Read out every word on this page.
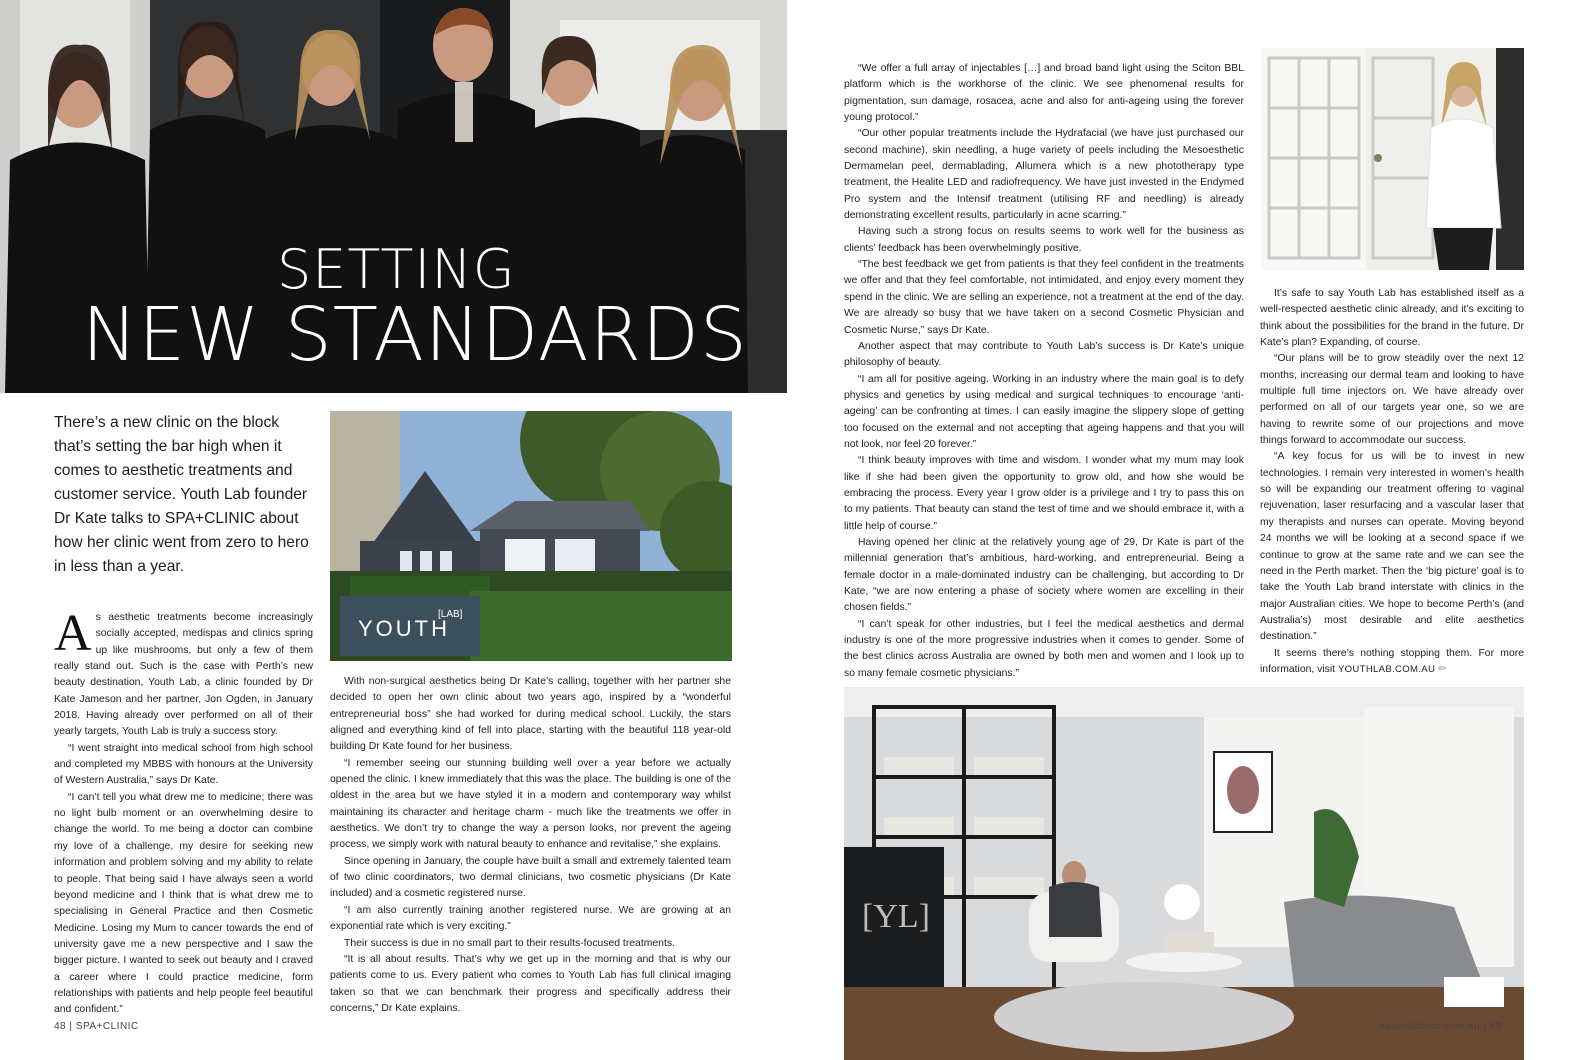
SETTING
NEW STANDARDS
There’s a new clinic on the block that’s setting the bar high when it comes to aesthetic treatments and customer service. Youth Lab founder Dr Kate talks to SPA+CLINIC about how her clinic went from zero to hero in less than a year.

As aesthetic treatments become increasingly socially accepted, medispas and clinics spring up like mushrooms, but only a few of them really stand out. Such is the case with Perth’s new beauty destination, Youth Lab, a clinic founded by Dr Kate Jameson and her partner, Jon Ogden, in January 2018. Having already over performed on all of their yearly targets, Youth Lab is truly a success story.

“I went straight into medical school from high school and completed my MBBS with honours at the University of Western Australia,” says Dr Kate.

“I can’t tell you what drew me to medicine; there was no light bulb moment or an overwhelming desire to change the world. To me being a doctor can combine my love of a challenge, my desire for seeking new information and problem solving and my ability to relate to people. That being said I have always seen a world beyond medicine and I think that is what drew me to specialising in General Practice and then Cosmetic Medicine. Losing my Mum to cancer towards the end of university gave me a new perspective and I saw the bigger picture. I wanted to seek out beauty and I craved a career where I could practice medicine, form relationships with patients and help people feel beautiful and confident.”

YOUTH
[LAB]

With non-surgical aesthetics being Dr Kate’s calling, together with her partner she decided to open her own clinic about two years ago, inspired by a “wonderful entrepreneurial boss” she had worked for during medical school. Luckily, the stars aligned and everything kind of fell into place, starting with the beautiful 118 year-old building Dr Kate found for her business.

“I remember seeing our stunning building well over a year before we actually opened the clinic. I knew immediately that this was the place. The building is one of the oldest in the area but we have styled it in a modern and contemporary way whilst maintaining its character and heritage charm - much like the treatments we offer in aesthetics. We don’t try to change the way a person looks, nor prevent the ageing process, we simply work with natural beauty to enhance and revitalise,” she explains.

Since opening in January, the couple have built a small and extremely talented team of two clinic coordinators, two dermal clinicians, two cosmetic physicians (Dr Kate included) and a cosmetic registered nurse.

“I am also currently training another registered nurse. We are growing at an exponential rate which is very exciting.”

Their success is due in no small part to their results-focused treatments.

“It is all about results. That’s why we get up in the morning and that is why our patients come to us. Every patient who comes to Youth Lab has full clinical imaging taken so that we can benchmark their progress and specifically address their concerns,” Dr Kate explains.

48 | SPA+CLINIC

“We offer a full array of injectables […] and broad band light using the Sciton BBL platform which is the workhorse of the clinic. We see phenomenal results for pigmentation, sun damage, rosacea, acne and also for anti-ageing using the forever young protocol.”

“Our other popular treatments include the Hydrafacial (we have just purchased our second machine), skin needling, a huge variety of peels including the Mesoesthetic Dermamelan peel, dermablading, Allumera which is a new phototherapy type treatment, the Healite LED and radiofrequency. We have just invested in the Endymed Pro system and the Intensif treatment (utilising RF and needling) is already demonstrating excellent results, particularly in acne scarring.”

Having such a strong focus on results seems to work well for the business as clients’ feedback has been overwhelmingly positive.

“The best feedback we get from patients is that they feel confident in the treatments we offer and that they feel comfortable, not intimidated, and enjoy every moment they spend in the clinic. We are selling an experience, not a treatment at the end of the day. We are already so busy that we have taken on a second Cosmetic Physician and Cosmetic Nurse,” says Dr Kate.

Another aspect that may contribute to Youth Lab’s success is Dr Kate’s unique philosophy of beauty.

“I am all for positive ageing. Working in an industry where the main goal is to defy physics and genetics by using medical and surgical techniques to encourage ‘anti-ageing’ can be confronting at times. I can easily imagine the slippery slope of getting too focused on the external and not accepting that ageing happens and that you will not look, nor feel 20 forever.”

“I think beauty improves with time and wisdom. I wonder what my mum may look like if she had been given the opportunity to grow old, and how she would be embracing the process. Every year I grow older is a privilege and I try to pass this on to my patients. That beauty can stand the test of time and we should embrace it, with a little help of course.”

Having opened her clinic at the relatively young age of 29, Dr Kate is part of the millennial generation that’s ambitious, hard-working, and entrepreneurial. Being a female doctor in a male-dominated industry can be challenging, but according to Dr Kate, “we are now entering a phase of society where women are excelling in their chosen fields.”

“I can’t speak for other industries, but I feel the medical aesthetics and dermal industry is one of the more progressive industries when it comes to gender. Some of the best clinics across Australia are owned by both men and women and I look up to so many female cosmetic physicians.”

It’s safe to say Youth Lab has established itself as a well-respected aesthetic clinic already, and it’s exciting to think about the possibilities for the brand in the future. Dr Kate’s plan? Expanding, of course.

“Our plans will be to grow steadily over the next 12 months, increasing our dermal team and looking to have multiple full time injectors on. We have already over performed on all of our targets year one, so we are having to rewrite some of our projections and move things forward to accommodate our success.

“A key focus for us will be to invest in new technologies. I remain very interested in women’s health so will be expanding our treatment offering to vaginal rejuvenation, laser resurfacing and a vascular laser that my therapists and nurses can operate. Moving beyond 24 months we will be looking at a second space if we continue to grow at the same rate and we can see the need in the Perth market. Then the ‘big picture’ goal is to take the Youth Lab brand interstate with clinics in the major Australian cities. We hope to become Perth’s (and Australia’s) most desirable and elite aesthetics destination.”

It seems there’s nothing stopping them. For more information, visit YOUTHLAB.COM.AU ✏

[YL]
spaandclinic.com.au | 49
